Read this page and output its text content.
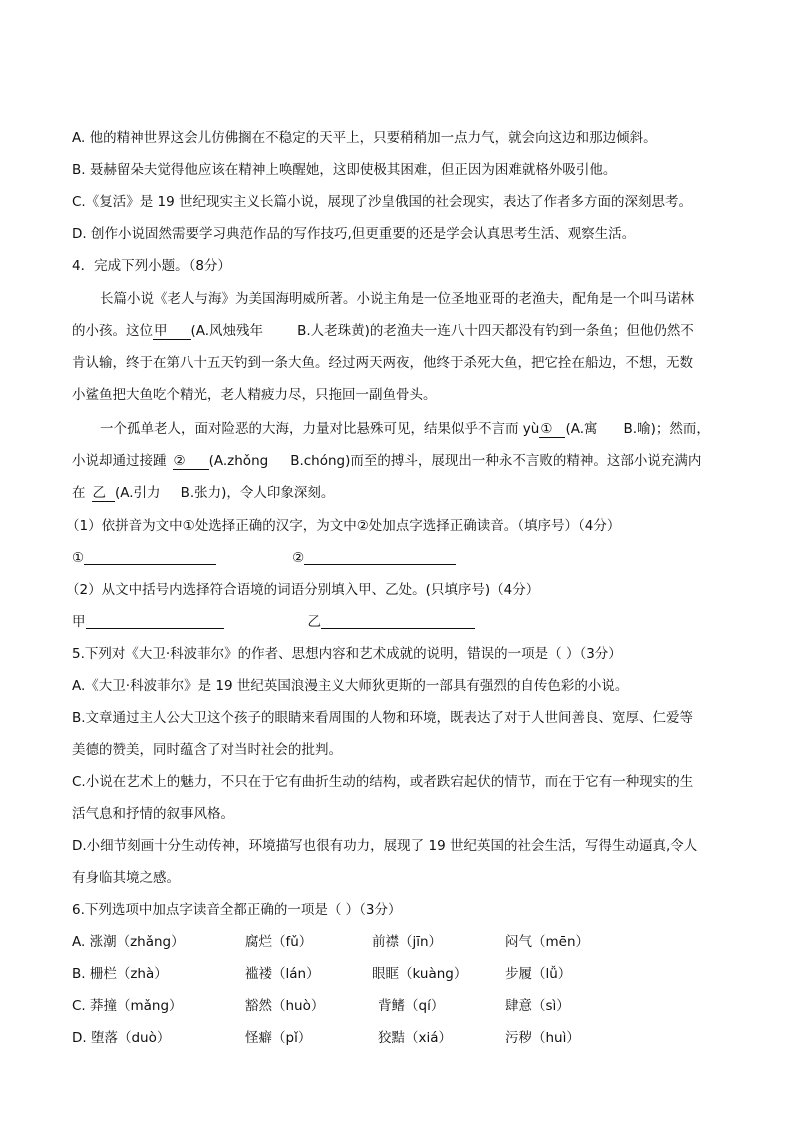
A. 他的精神世界这会儿仿佛搁在不稳定的天平上，只要稍稍加一点力气，就会向这边和那边倾斜。
B. 聂赫留朵夫觉得他应该在精神上唤醒她，这即使极其困难，但正因为困难就格外吸引他。
C.《复活》是 19 世纪现实主义长篇小说，展现了沙皇俄国的社会现实，表达了作者多方面的深刻思考。
D. 创作小说固然需要学习典范作品的写作技巧,但更重要的还是学会认真思考生活、观察生活。
4．完成下列小题。（8分）
长篇小说《老人与海》为美国海明威所著。小说主角是一位圣地亚哥的老渔夫，配角是一个叫马诺林
的小孩。这位甲 (A.风烛残年	B.人老珠黄)的老渔夫一连八十四天都没有钓到一条鱼；但他仍然不
肯认输，终于在第八十五天钓到一条大鱼。经过两天两夜，他终于杀死大鱼，把它拴在船边，不想，无数
小鲨鱼把大鱼吃个精光，老人精疲力尽，只拖回一副鱼骨头。
一个孤单老人，面对险恶的大海，力量对比悬殊可见，结果似乎不言而 yù① (A.寓 B.喻)；然而，
小说却通过接踵 ② (A.zhǒng B.chóng)而至的搏斗，展现出一种永不言败的精神。这部小说充满内
在 乙 (A.引力 B.张力)，令人印象深刻。
（1）依拼音为文中①处选择正确的汉字，为文中②处加点字选择正确读音。（填序号）（4分）
①	②
（2）从文中括号内选择符合语境的词语分别填入甲、乙处。(只填序号)（4分）
甲	乙
5.下列对《大卫·科波菲尔》的作者、思想内容和艺术成就的说明，错误的一项是（ ）（3分）
A.《大卫·科波菲尔》是 19 世纪英国浪漫主义大师狄更斯的一部具有强烈的自传色彩的小说。
B.文章通过主人公大卫这个孩子的眼睛来看周围的人物和环境，既表达了对于人世间善良、宽厚、仁爱等
美德的赞美，同时蕴含了对当时社会的批判。
C.小说在艺术上的魅力，不只在于它有曲折生动的结构，或者跌宕起伏的情节，而在于它有一种现实的生
活气息和抒情的叙事风格。
D.小细节刻画十分生动传神，环境描写也很有功力，展现了 19 世纪英国的社会生活，写得生动逼真,令人
有身临其境之感。
6.下列选项中加点字读音全都正确的一项是（ ）（3分）
A. 涨潮（zhǎng）	腐烂（fǔ）	前襟（jīn）	闷气（mēn）
B. 栅栏（zhà）	褴褛（lán）	眼眶（kuàng）	步履（lǚ）
C. 莽撞（mǎng）	豁然（huò）	背鳍（qí）	肆意（sì）
D. 堕落（duò）	怪癖（pǐ）	狡黠（xiá）	污秽（huì）
